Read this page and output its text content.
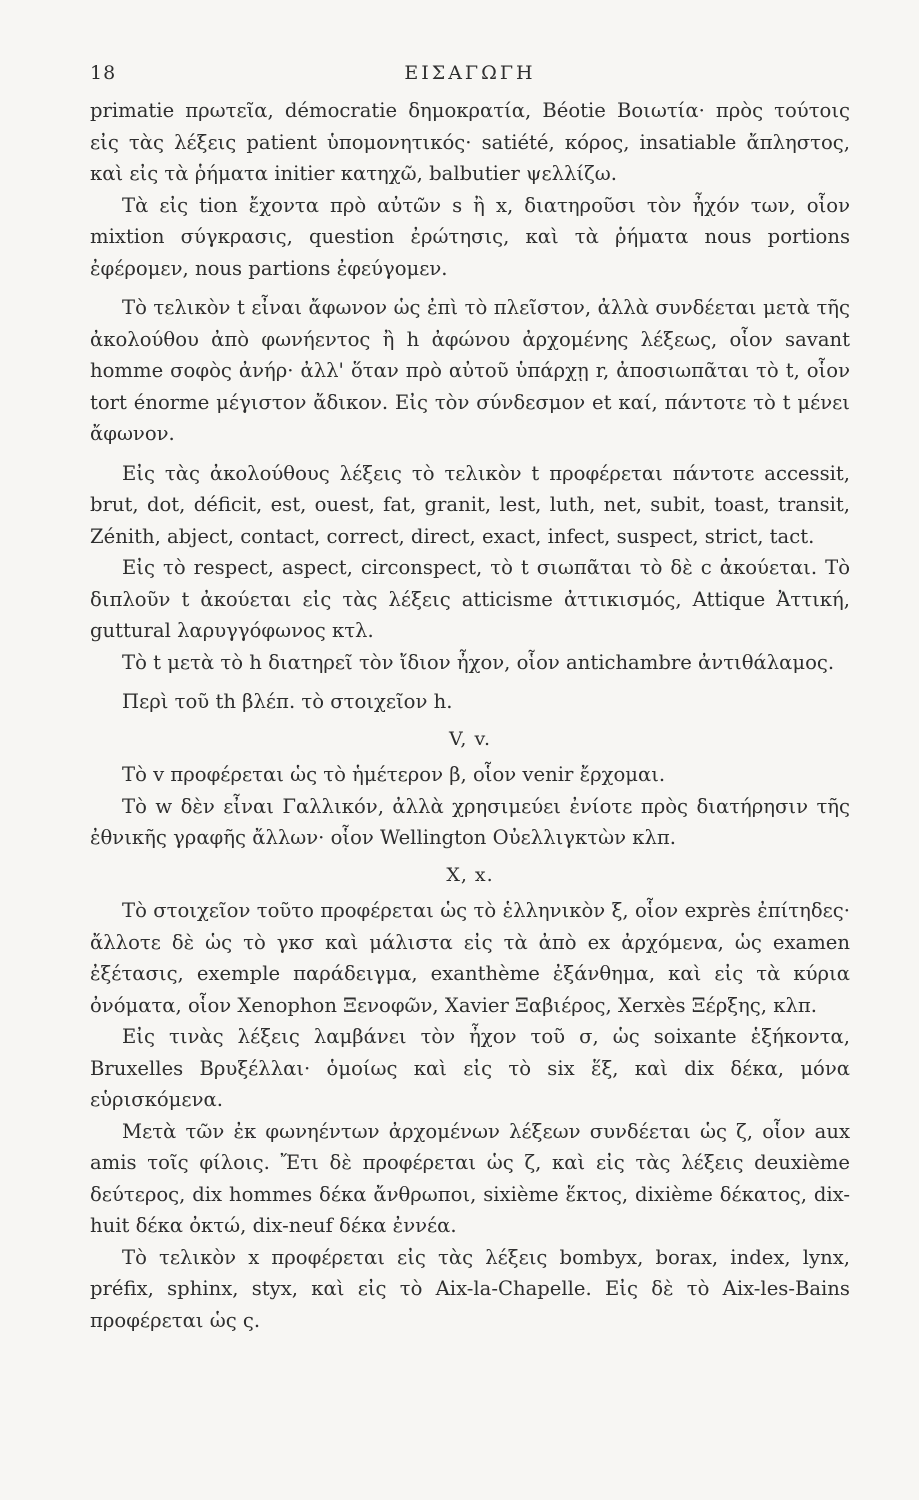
18	ΕΙΣΑΓΩΓΗ

primatie πρωτεῖα, démocratie δημοκρατία, Béotie Βοιωτία· πρὸς τούτοις εἰς τὰς λέξεις patient ὑπομονητικός· satiété, κόρος, insatiable ἄπληστος, καὶ εἰς τὰ ῥήματα initier κατηχῶ, balbutier ψελλίζω.

Τὰ εἰς tion ἔχοντα πρὸ αὐτῶν s ἢ x, διατηροῦσι τὸν ἦχόν των, οἷον mixtion σύγκρασις, question ἐρώτησις, καὶ τὰ ῥήματα nous portions ἐφέρομεν, nous partions ἐφεύγομεν.

Τὸ τελικὸν t εἶναι ἄφωνον ὡς ἐπὶ τὸ πλεῖστον, ἀλλὰ συνδέεται μετὰ τῆς ἀκολούθου ἀπὸ φωνήεντος ἢ h ἀφώνου ἀρχομένης λέξεως, οἷον savant homme σοφὸς ἀνήρ· ἀλλ' ὅταν πρὸ αὐτοῦ ὑπάρχῃ r, ἀποσιωπᾶται τὸ t, οἷον tort énorme μέγιστον ἄδικον. Εἰς τὸν σύνδεσμον et καί, πάντοτε τὸ t μένει ἄφωνον.

Εἰς τὰς ἀκολούθους λέξεις τὸ τελικὸν t προφέρεται πάντοτε accessit, brut, dot, déficit, est, ouest, fat, granit, lest, luth, net, subit, toast, transit, Zénith, abject, contact, correct, direct, exact, infect, suspect, strict, tact.

Εἰς τὸ respect, aspect, circonspect, τὸ t σιωπᾶται τὸ δὲ c ἀκούεται. Τὸ διπλοῦν t ἀκούεται εἰς τὰς λέξεις atticisme ἀττικισμός, Attique Ἀττική, guttural λαρυγγόφωνος κτλ.

Τὸ t μετὰ τὸ h διατηρεῖ τὸν ἴδιον ἦχον, οἷον antichambre ἀντιθάλαμος.

Περὶ τοῦ th βλέπ. τὸ στοιχεῖον h.

V, v.

Τὸ v προφέρεται ὡς τὸ ἡμέτερον β, οἷον venir ἔρχομαι.

Τὸ w δὲν εἶναι Γαλλικόν, ἀλλὰ χρησιμεύει ἐνίοτε πρὸς διατήρησιν τῆς ἐθνικῆς γραφῆς ἄλλων· οἷον Wellington Οὐελλιγκτὼν κλπ.

X, x.

Τὸ στοιχεῖον τοῦτο προφέρεται ὡς τὸ ἑλληνικὸν ξ, οἷον exprès ἐπίτηδες· ἄλλοτε δὲ ὡς τὸ γκσ καὶ μάλιστα εἰς τὰ ἀπὸ ex ἀρχόμενα, ὡς examen ἐξέτασις, exemple παράδειγμα, exanthème ἐξάνθημα, καὶ εἰς τὰ κύρια ὀνόματα, οἷον Xenophon Ξενοφῶν, Xavier Ξαβιέρος, Xerxès Ξέρξης, κλπ.

Εἰς τινὰς λέξεις λαμβάνει τὸν ἦχον τοῦ σ, ὡς soixante ἑξήκοντα, Bruxelles Βρυξέλλαι· ὁμοίως καὶ εἰς τὸ six ἕξ, καὶ dix δέκα, μόνα εὑρισκόμενα.

Μετὰ τῶν ἐκ φωνηέντων ἀρχομένων λέξεων συνδέεται ὡς ζ, οἷον aux amis τοῖς φίλοις. Ἔτι δὲ προφέρεται ὡς ζ, καὶ εἰς τὰς λέξεις deuxième δεύτερος, dix hommes δέκα ἄνθρωποι, sixième ἕκτος, dixième δέκατος, dix-huit δέκα ὀκτώ, dix-neuf δέκα ἐννέα.

Τὸ τελικὸν x προφέρεται εἰς τὰς λέξεις bombyx, borax, index, lynx, préfix, sphinx, styx, καὶ εἰς τὸ Aix-la-Chapelle. Εἰς δὲ τὸ Aix-les-Bains προφέρεται ὡς ς.
